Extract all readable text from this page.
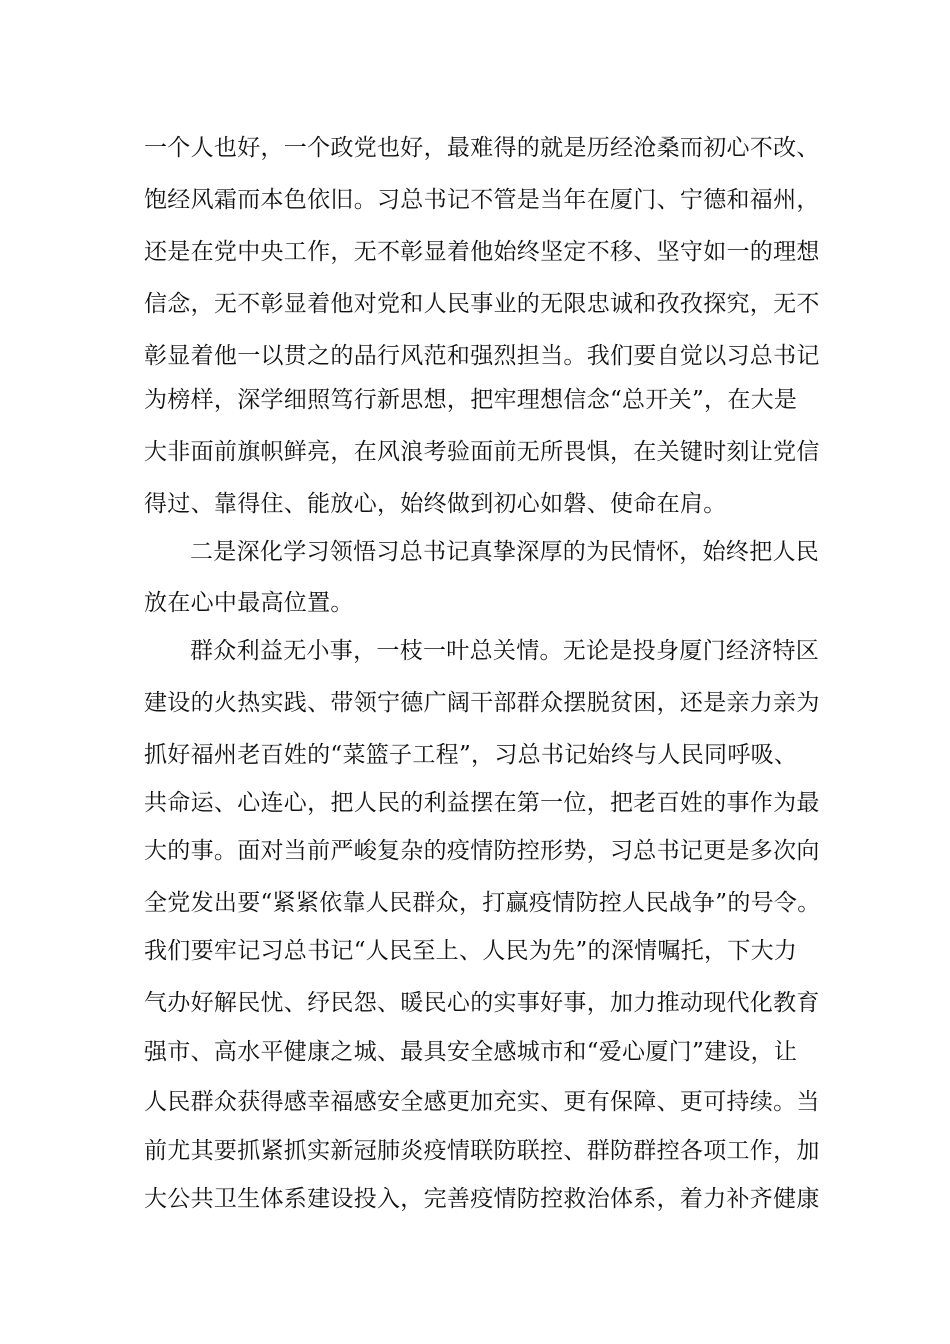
一个人也好，一个政党也好，最难得的就是历经沧桑而初心不改、
饱经风霜而本色依旧。习总书记不管是当年在厦门、宁德和福州，
还是在党中央工作，无不彰显着他始终坚定不移、坚守如一的理想
信念，无不彰显着他对党和人民事业的无限忠诚和孜孜探究，无不
彰显着他一以贯之的品行风范和强烈担当。我们要自觉以习总书记
为榜样，深学细照笃行新思想，把牢理想信念“总开关”，在大是
大非面前旗帜鲜亮，在风浪考验面前无所畏惧，在关键时刻让党信
得过、靠得住、能放心，始终做到初心如磐、使命在肩。
二是深化学习领悟习总书记真挚深厚的为民情怀，始终把人民
放在心中最高位置。
群众利益无小事，一枝一叶总关情。无论是投身厦门经济特区
建设的火热实践、带领宁德广阔干部群众摆脱贫困，还是亲力亲为
抓好福州老百姓的“菜篮子工程”，习总书记始终与人民同呼吸、
共命运、心连心，把人民的利益摆在第一位，把老百姓的事作为最
大的事。面对当前严峻复杂的疫情防控形势，习总书记更是多次向
全党发出要“紧紧依靠人民群众，打赢疫情防控人民战争”的号令。
我们要牢记习总书记“人民至上、人民为先”的深情嘱托，下大力
气办好解民忧、纾民怨、暖民心的实事好事，加力推动现代化教育
强市、高水平健康之城、最具安全感城市和“爱心厦门”建设，让
人民群众获得感幸福感安全感更加充实、更有保障、更可持续。当
前尤其要抓紧抓实新冠肺炎疫情联防联控、群防群控各项工作，加
大公共卫生体系建设投入，完善疫情防控救治体系，着力补齐健康
